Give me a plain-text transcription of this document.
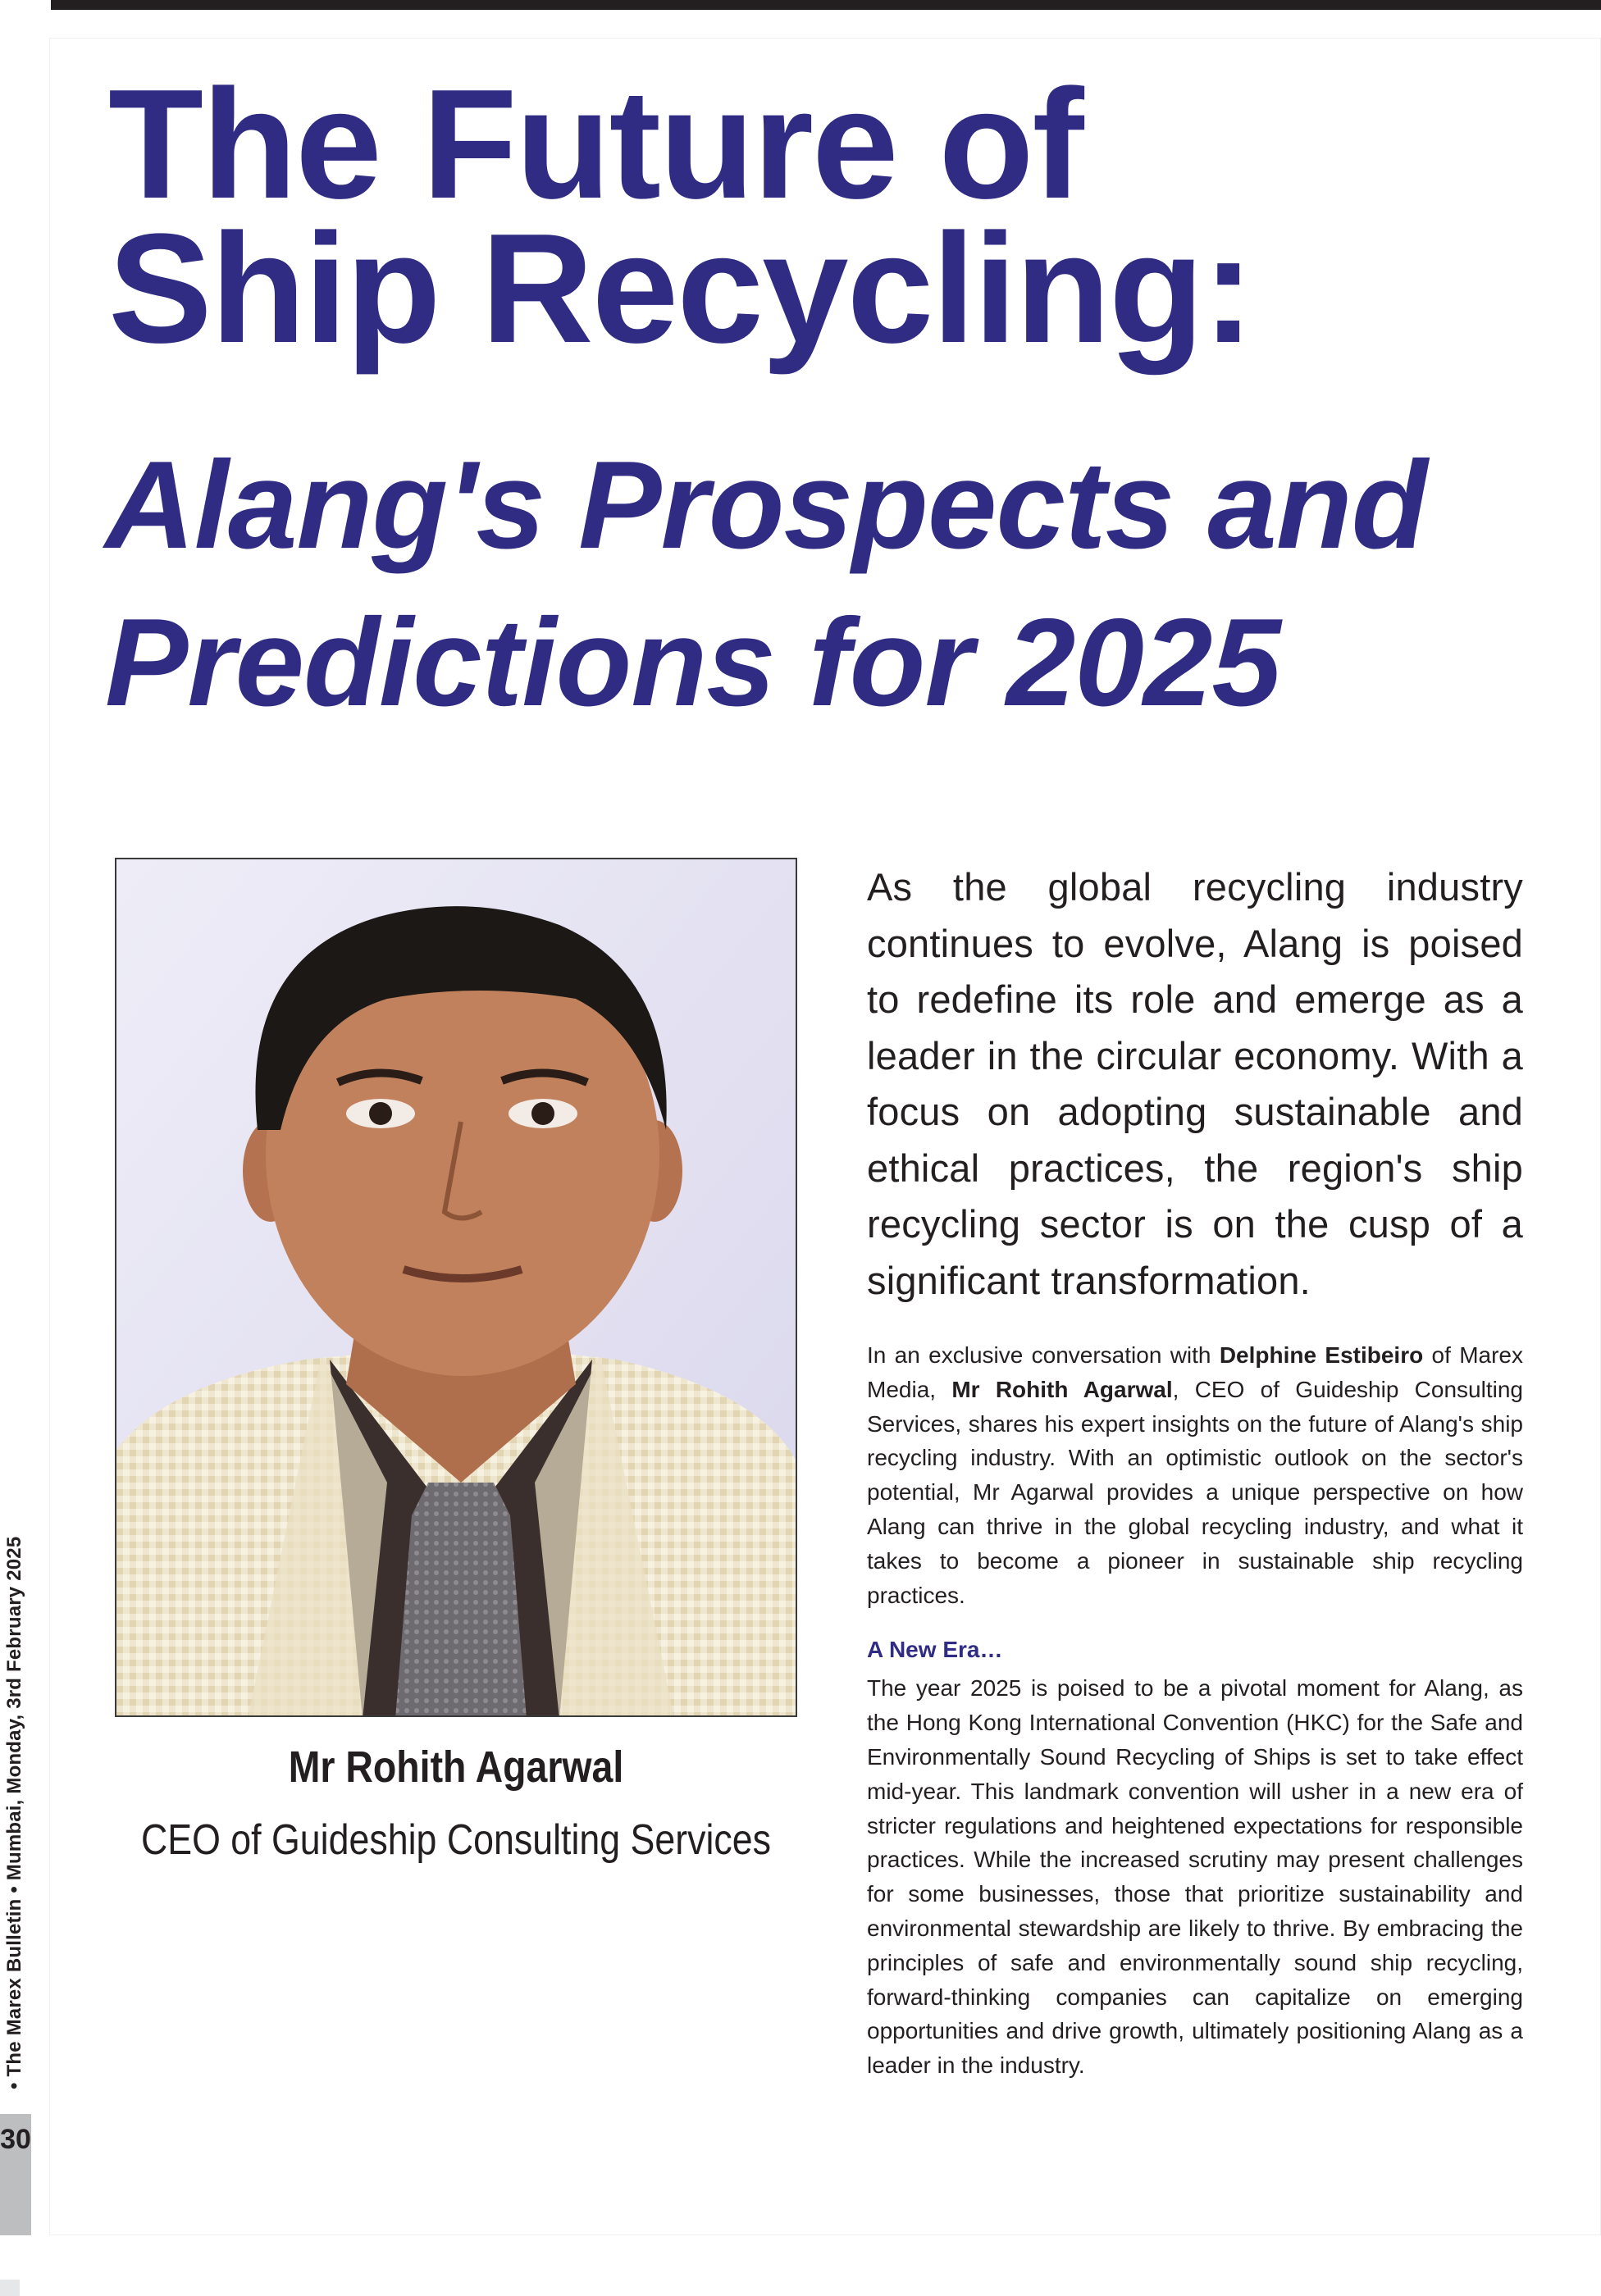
The Future of
Ship Recycling:
Alang's Prospects and
Predictions for 2025
Mr Rohith Agarwal
CEO of Guideship Consulting Services

As the global recycling industry continues to evolve, Alang is poised to redefine its role and emerge as a leader in the circular economy. With a focus on adopting sustainable and ethical practices, the region's ship recycling sector is on the cusp of a significant transformation.

In an exclusive conversation with Delphine Estibeiro of Marex Media, Mr Rohith Agarwal, CEO of Guideship Consulting Services, shares his expert insights on the future of Alang's ship recycling industry. With an optimistic outlook on the sector's potential, Mr Agarwal provides a unique perspective on how Alang can thrive in the global recycling industry, and what it takes to become a pioneer in sustainable ship recycling practices.

A New Era…

The year 2025 is poised to be a pivotal moment for Alang, as the Hong Kong International Convention (HKC) for the Safe and Environmentally Sound Recycling of Ships is set to take effect mid-year. This landmark convention will usher in a new era of stricter regulations and heightened expectations for responsible practices. While the increased scrutiny may present challenges for some businesses, those that prioritize sustainability and environmental stewardship are likely to thrive. By embracing the principles of safe and environmentally sound ship recycling, forward-thinking companies can capitalize on emerging opportunities and drive growth, ultimately positioning Alang as a leader in the industry.

• The Marex Bulletin • Mumbai, Monday, 3rd February 2025
30
